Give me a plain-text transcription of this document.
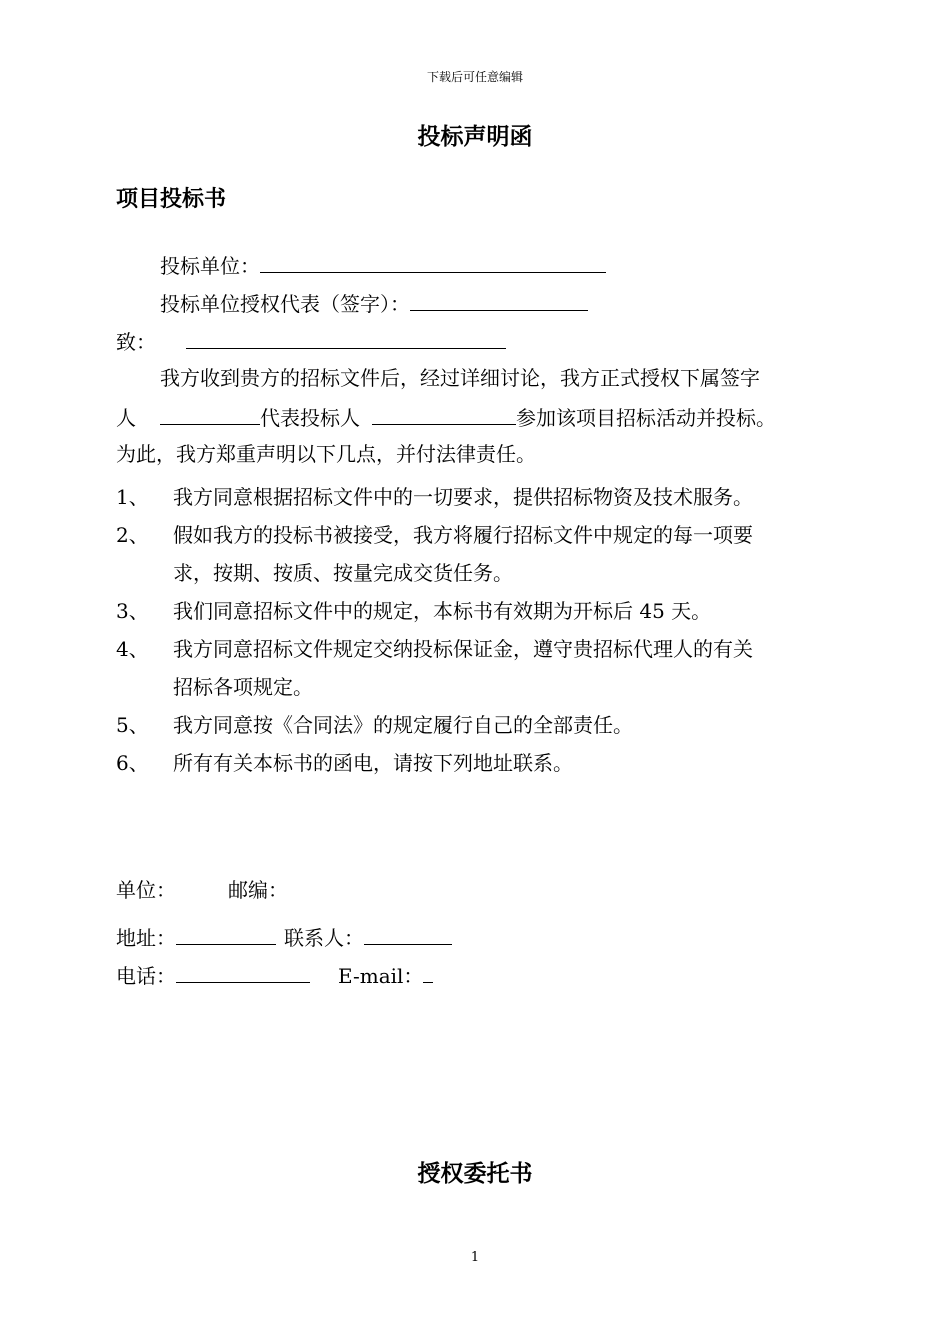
下载后可任意编辑
投标声明函
项目投标书
投标单位：
投标单位授权代表（签字）：
致：
我方收到贵方的招标文件后，经过详细讨论，我方正式授权下属签字
人	代表投标人	参加该项目招标活动并投标。
为此，我方郑重声明以下几点，并付法律责任。
1、 我方同意根据招标文件中的一切要求，提供招标物资及技术服务。
2、 假如我方的投标书被接受，我方将履行招标文件中规定的每一项要
求，按期、按质、按量完成交货任务。
3、 我们同意招标文件中的规定，本标书有效期为开标后 45 天。
4、 我方同意招标文件规定交纳投标保证金，遵守贵招标代理人的有关
招标各项规定。
5、 我方同意按《合同法》的规定履行自己的全部责任。
6、 所有有关本标书的函电，请按下列地址联系。
单位：	邮编：
地址：	联系人：
电话：	E-mail：
授权委托书
1
